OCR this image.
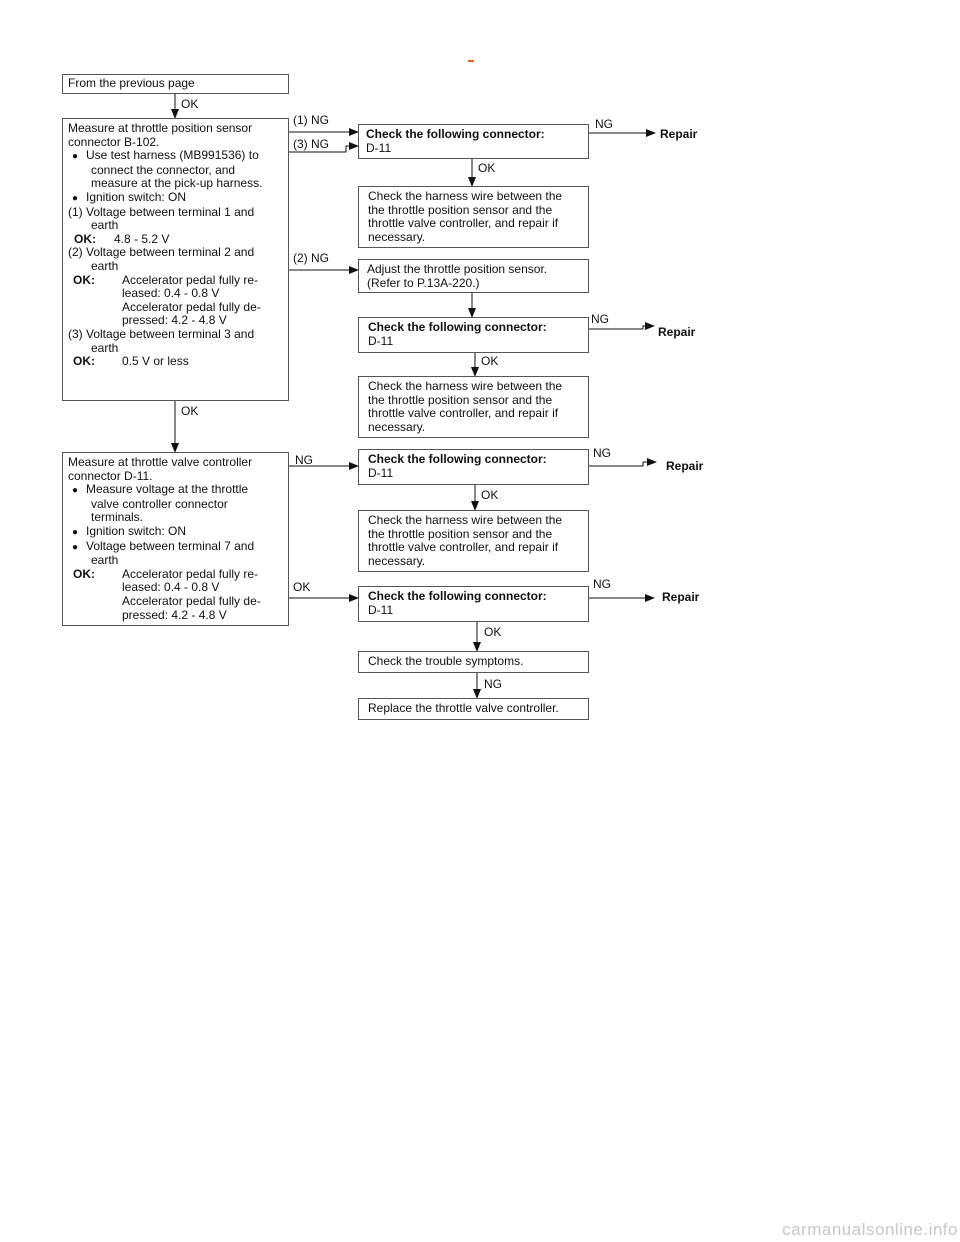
From the previous page
OK
Measure at throttle position sensor
connector B-102.
● Use test harness (MB991536) to
connect the connector, and
measure at the pick-up harness.
● Ignition switch: ON
(1) Voltage between terminal 1 and
earth
OK: 4.8 - 5.2 V
(2) Voltage between terminal 2 and
earth
OK: Accelerator pedal fully re-
leased: 0.4 - 0.8 V
Accelerator pedal fully de-
pressed: 4.2 - 4.8 V
(3) Voltage between terminal 3 and
earth
OK: 0.5 V or less
(1) NG
(3) NG
(2) NG
OK
Check the following connector:
D-11
NG
Repair
OK
Check the harness wire between the
the throttle position sensor and the
throttle valve controller, and repair if
necessary.
Adjust the throttle position sensor.
(Refer to P.13A-220.)
Check the following connector:
D-11
NG
Repair
OK
Check the harness wire between the
the throttle position sensor and the
throttle valve controller, and repair if
necessary.
Measure at throttle valve controller
connector D-11.
● Measure voltage at the throttle
valve controller connector
terminals.
● Ignition switch: ON
● Voltage between terminal 7 and
earth
OK: Accelerator pedal fully re-
leased: 0.4 - 0.8 V
Accelerator pedal fully de-
pressed: 4.2 - 4.8 V
NG
OK
Check the following connector:
D-11
NG
Repair
OK
Check the harness wire between the
the throttle position sensor and the
throttle valve controller, and repair if
necessary.
Check the following connector:
D-11
NG
Repair
OK
Check the trouble symptoms.
NG
Replace the throttle valve controller.
carmanualsonline.info
